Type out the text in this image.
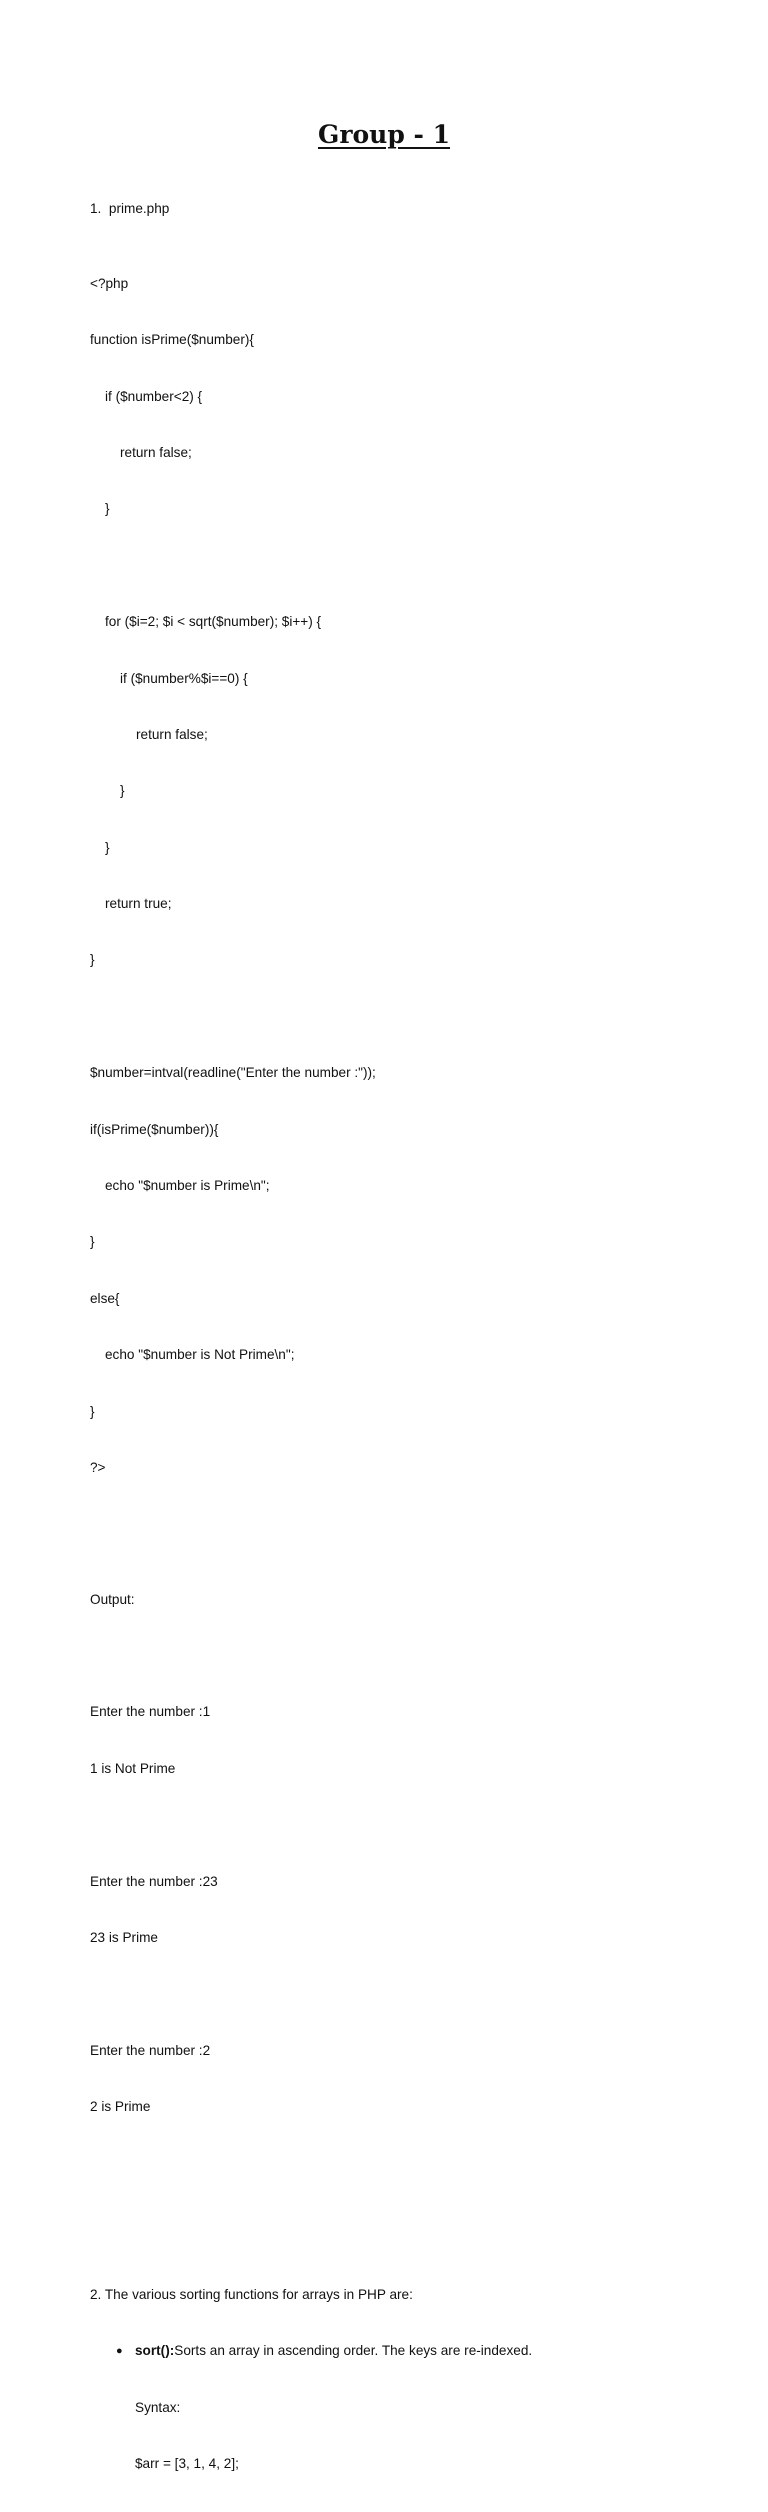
Group - 1

1.  prime.php

<?php

function isPrime($number){

if ($number<2) {

return false;

}

for ($i=2; $i < sqrt($number); $i++) {

if ($number%$i==0) {

return false;

}

}

return true;

}

$number=intval(readline("Enter the number :"));

if(isPrime($number)){

echo "$number is Prime\n";

}

else{

echo "$number is Not Prime\n";

}

?>

Output:

Enter the number :1

1 is Not Prime

Enter the number :23

23 is Prime

Enter the number :2

2 is Prime

2. The various sorting functions for arrays in PHP are:

● sort():Sorts an array in ascending order. The keys are re-indexed.

Syntax:

$arr = [3, 1, 4, 2];
